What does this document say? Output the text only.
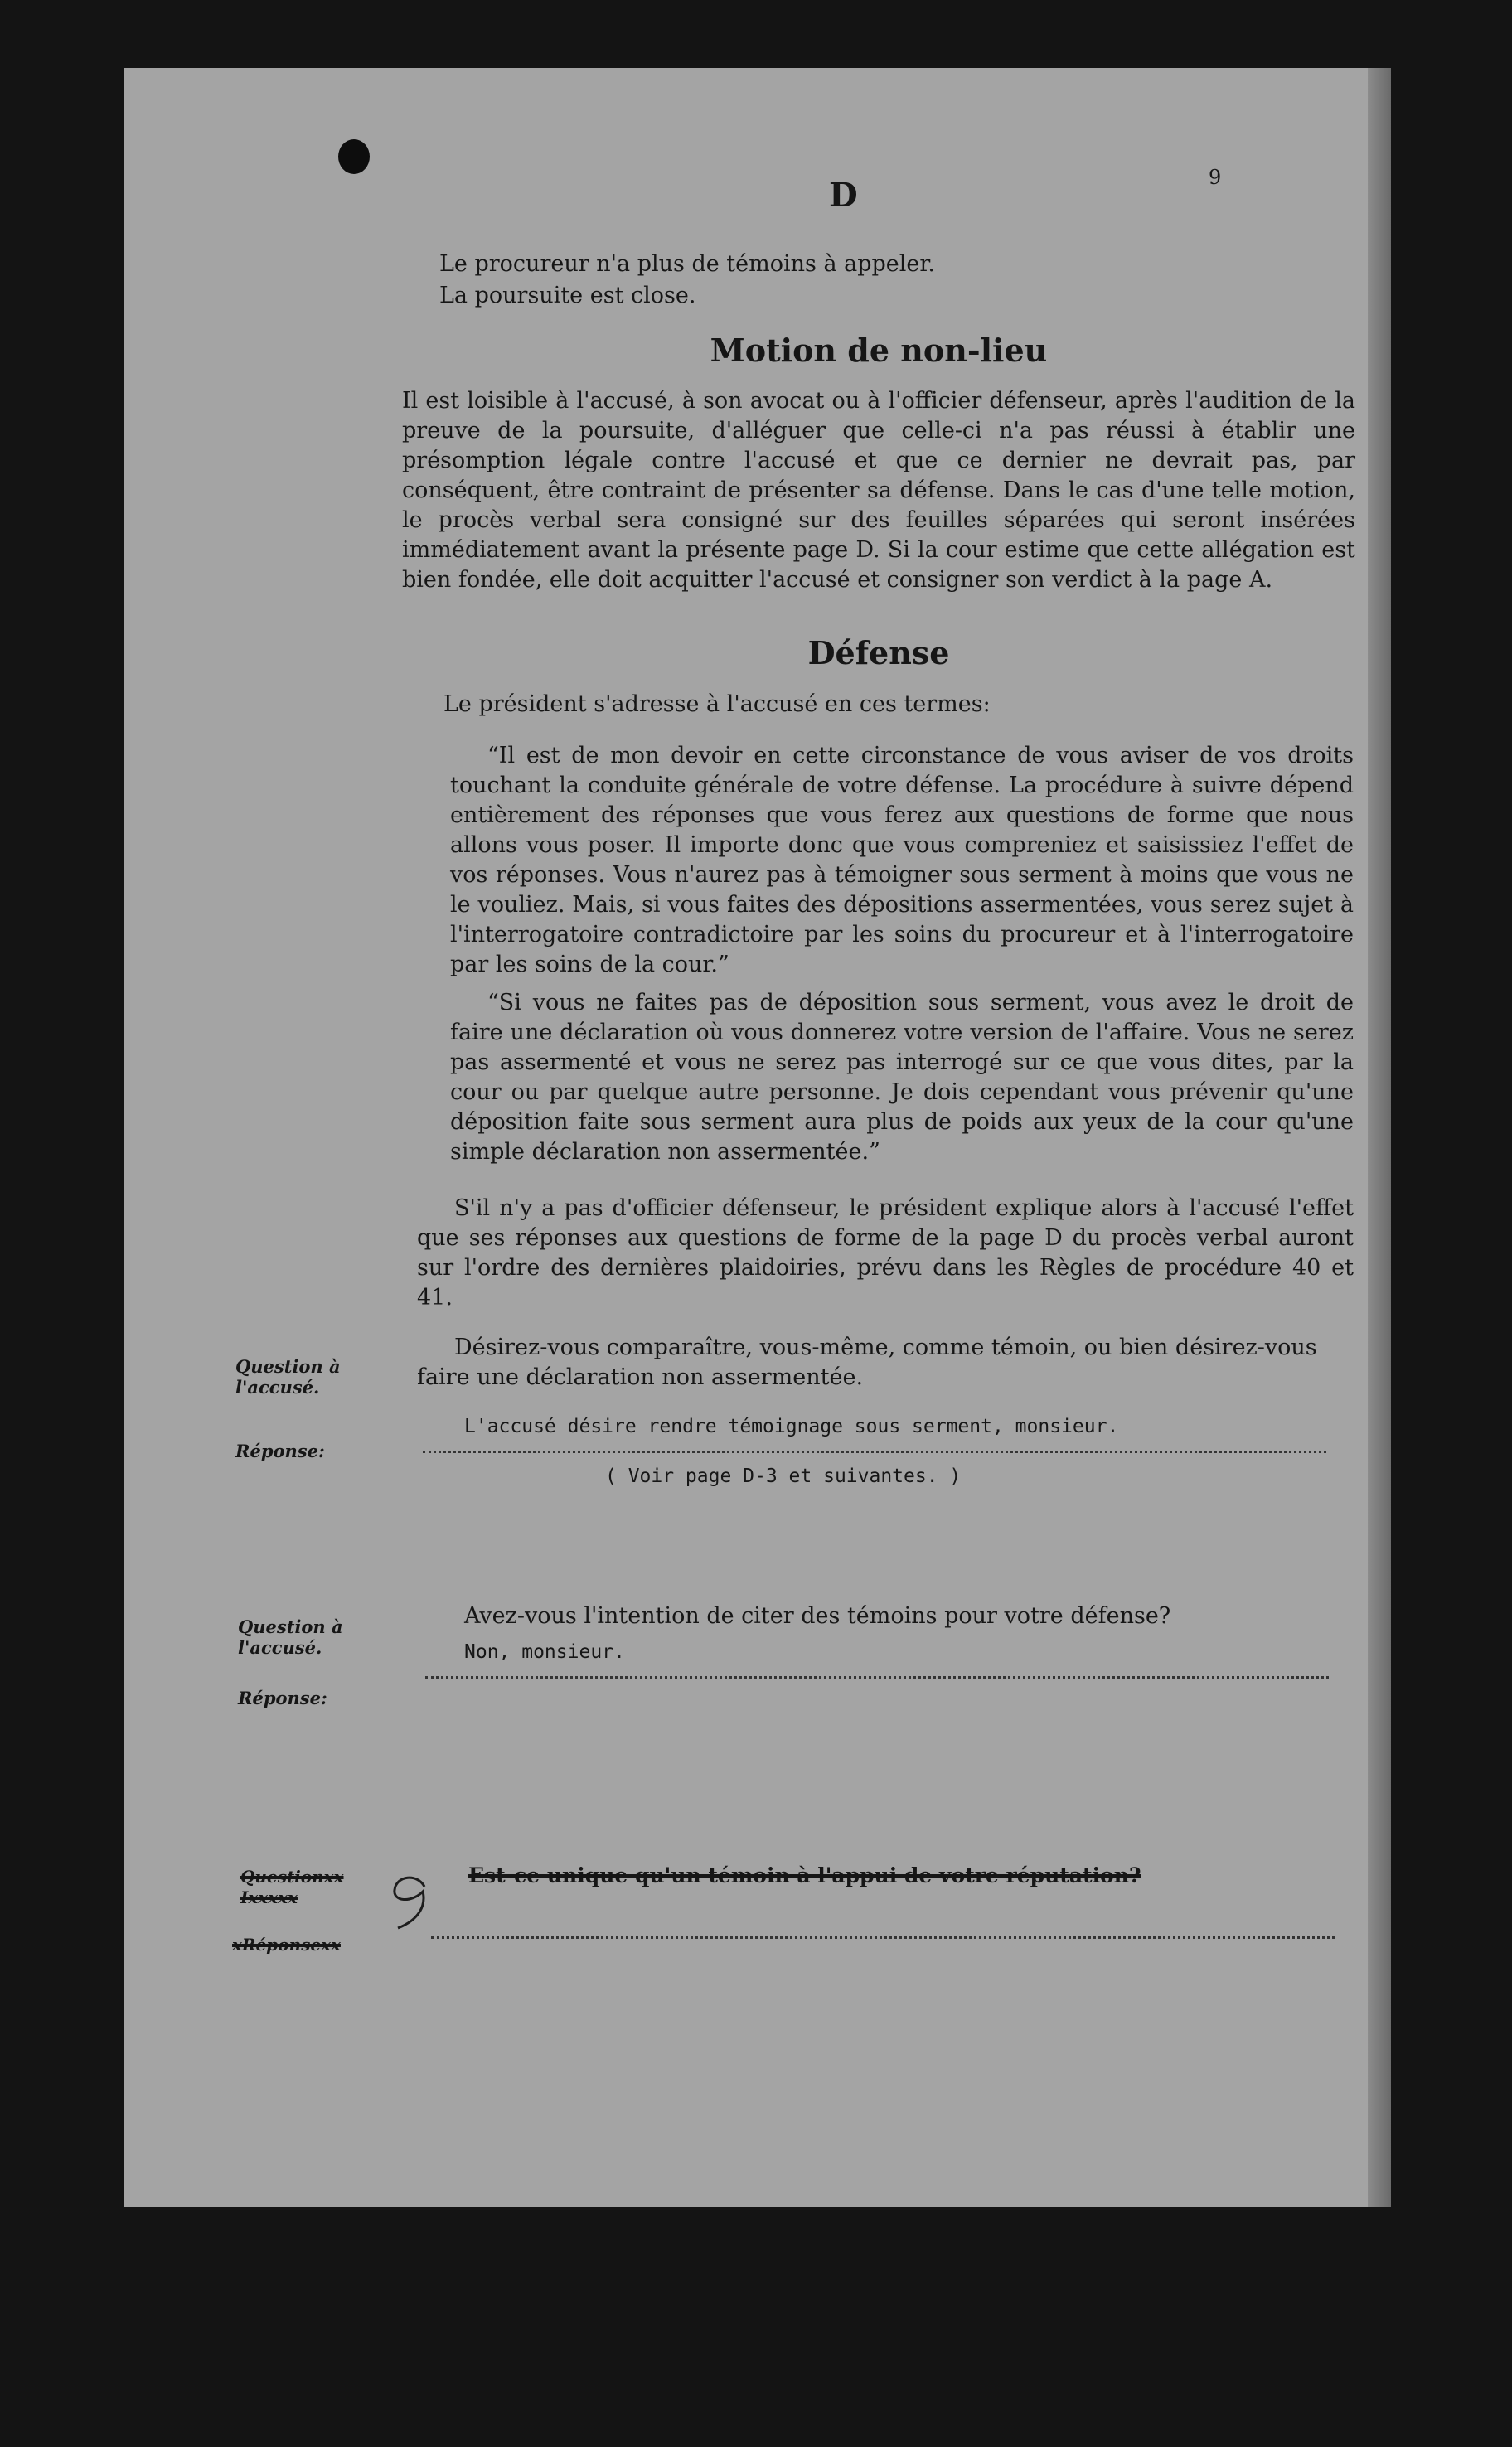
D	9
Le procureur n'a plus de témoins à appeler.
La poursuite est close.
Motion de non-lieu
Il est loisible à l'accusé, à son avocat ou à l'officier défenseur, après l'audition de la preuve de la poursuite, d'alléguer que celle-ci n'a pas réussi à établir une présomption légale contre l'accusé et que ce dernier ne devrait pas, par conséquent, être contraint de présenter sa défense. Dans le cas d'une telle motion, le procès verbal sera consigné sur des feuilles séparées qui seront insérées immédiatement avant la présente page D. Si la cour estime que cette allégation est bien fondée, elle doit acquitter l'accusé et consigner son verdict à la page A.
Défense
Le président s'adresse à l'accusé en ces termes:
“Il est de mon devoir en cette circonstance de vous aviser de vos droits touchant la conduite générale de votre défense. La procédure à suivre dépend entièrement des réponses que vous ferez aux questions de forme que nous allons vous poser. Il importe donc que vous compreniez et saisissiez l'effet de vos réponses. Vous n'aurez pas à témoigner sous serment à moins que vous ne le vouliez. Mais, si vous faites des dépositions assermentées, vous serez sujet à l'interrogatoire contradictoire par les soins du procureur et à l'interrogatoire par les soins de la cour.”
“Si vous ne faites pas de déposition sous serment, vous avez le droit de faire une déclaration où vous donnerez votre version de l'affaire. Vous ne serez pas assermenté et vous ne serez pas interrogé sur ce que vous dites, par la cour ou par quelque autre personne. Je dois cependant vous prévenir qu'une déposition faite sous serment aura plus de poids aux yeux de la cour qu'une simple déclaration non assermentée.”
S'il n'y a pas d'officier défenseur, le président explique alors à l'accusé l'effet que ses réponses aux questions de forme de la page D du procès verbal auront sur l'ordre des dernières plaidoiries, prévu dans les Règles de procédure 40 et 41.
Question à
l'accusé.
Désirez-vous comparaître, vous-même, comme témoin, ou bien désirez-vous faire une déclaration non assermentée.
Réponse:
L'accusé désire rendre témoignage sous serment, monsieur.
( Voir page D-3 et suivantes. )
Question à
l'accusé.
Avez-vous l'intention de citer des témoins pour votre défense?
Réponse:
Non, monsieur.
Questionxx
Ixxxxx
Est-ce unique qu'un témoin à l'appui de votre réputation?
xRéponsexx
